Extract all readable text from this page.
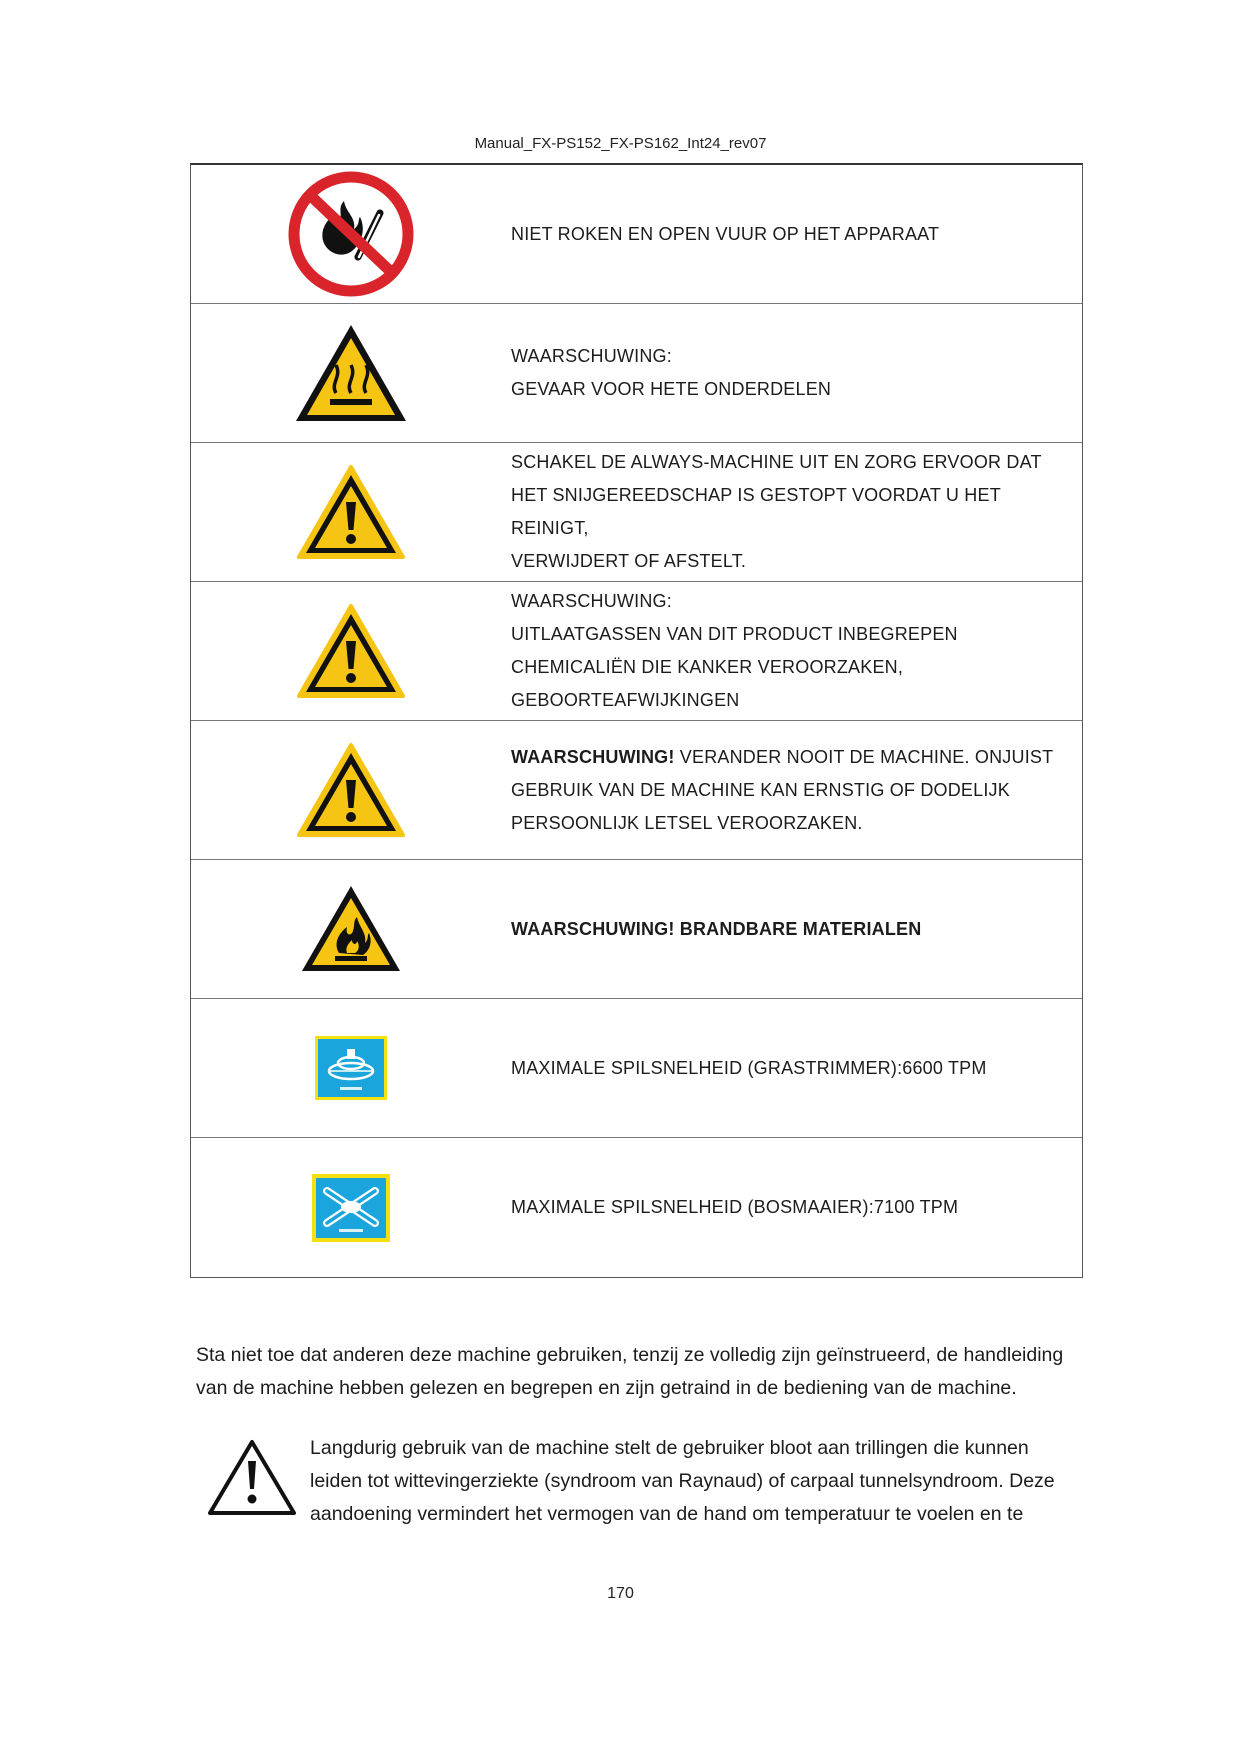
Manual_FX-PS152_FX-PS162_Int24_rev07
NIET ROKEN EN OPEN VUUR OP HET APPARAAT
WAARSCHUWING:
GEVAAR VOOR HETE ONDERDELEN
SCHAKEL DE ALWAYS-MACHINE UIT EN ZORG ERVOOR DAT
HET SNIJGEREEDSCHAP IS GESTOPT VOORDAT U HET REINIGT,
VERWIJDERT OF AFSTELT.
WAARSCHUWING:
UITLAATGASSEN VAN DIT PRODUCT INBEGREPEN
CHEMICALIËN DIE KANKER VEROORZAKEN,
GEBOORTEAFWIJKINGEN
WAARSCHUWING! VERANDER NOOIT DE MACHINE. ONJUIST
GEBRUIK VAN DE MACHINE KAN ERNSTIG OF DODELIJK
PERSOONLIJK LETSEL VEROORZAKEN.
WAARSCHUWING! BRANDBARE MATERIALEN
MAXIMALE SPILSNELHEID (GRASTRIMMER):6600 TPM
MAXIMALE SPILSNELHEID (BOSMAAIER):7100 TPM
Sta niet toe dat anderen deze machine gebruiken, tenzij ze volledig zijn geïnstrueerd, de handleiding
van de machine hebben gelezen en begrepen en zijn getraind in de bediening van de machine.
Langdurig gebruik van de machine stelt de gebruiker bloot aan trillingen die kunnen
leiden tot wittevingerziekte (syndroom van Raynaud) of carpaal tunnelsyndroom. Deze
aandoening vermindert het vermogen van de hand om temperatuur te voelen en te
170
